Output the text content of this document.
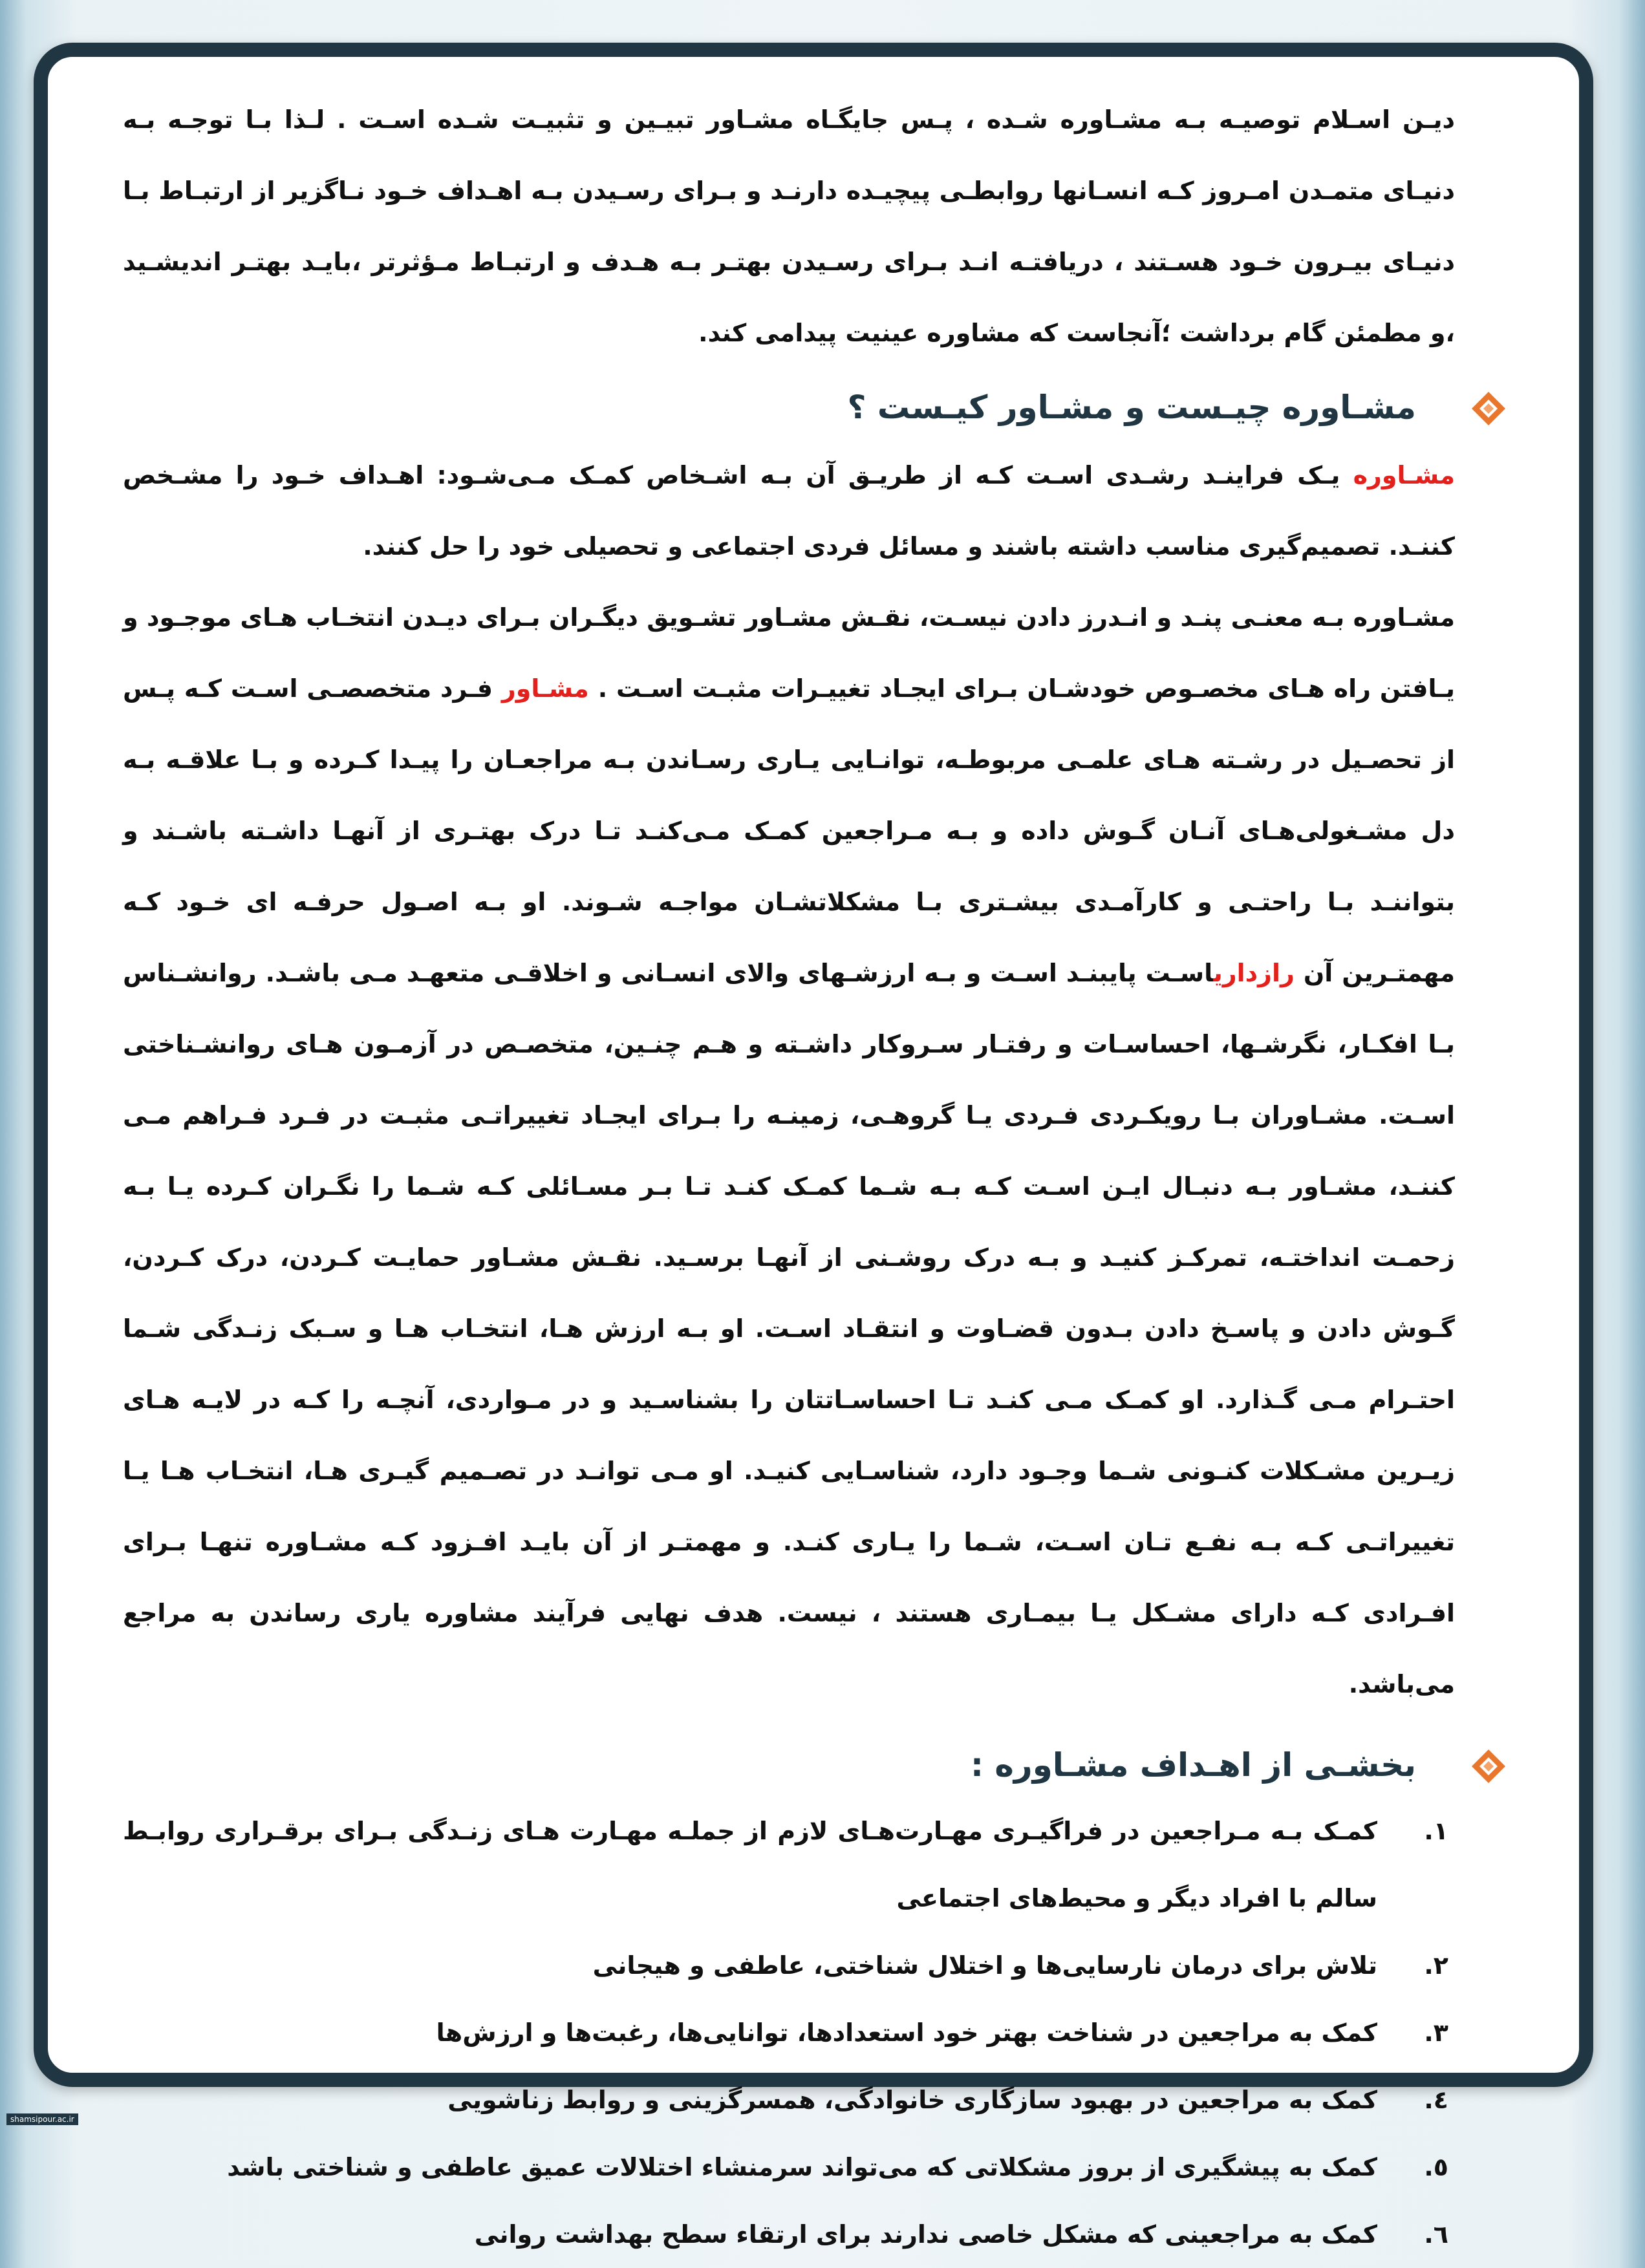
دیـن اسـلام توصیـه بـه مشـاوره شـده ، پـس جایگـاه مشـاور تبیـین و تثبیـت شـده اسـت . لـذا بـا توجـه بـه دنیـای متمـدن امـروز کـه انسـانها روابطـی پیچیـده دارنـد و بـرای رسـیدن بـه اهـداف خـود نـاگزیر از ارتبـاط بـا دنیـای بیـرون خـود هسـتند ، دریافتـه انـد بـرای رسـیدن بهتـر بـه هـدف و ارتبـاط مـؤثرتر ،بایـد بهتـر اندیشـید ،و مطمئن گام برداشت ؛آنجاست که مشاوره عینیت پیدامی کند.

مشـاوره چیـست و مشـاور کیـست ؟

مشـاوره یـک فراینـد رشـدی اسـت کـه از طریـق آن بـه اشـخاص کمـک مـی‌شـود: اهـداف خـود را مشـخص کننـد. تصمیم‌گیری مناسب داشته باشند و مسائل فردی اجتماعی و تحصیلی خود را حل کنند.

مشـاوره بـه معنـی پنـد و انـدرز دادن نیسـت، نقـش مشـاور تشـویق دیگـران بـرای دیـدن انتخـاب هـای موجـود و یـافتن راه هـای مخصـوص خودشـان بـرای ایجـاد تغییـرات مثبـت اسـت . مشـاور فـرد متخصصـی اسـت کـه پـس از تحصـیل در رشـته هـای علمـی مربوطـه، توانـایی یـاری رسـاندن بـه مراجعـان را پیـدا کـرده و بـا علاقـه بـه دل مشـغولی‌هـای آنـان گـوش داده و بـه مـراجعین کمـک مـی‌کنـد تـا درک بهتـری از آنهـا داشـته باشـند و بتواننـد بـا راحتـی و کارآمـدی بیشـتری بـا مشکلاتشـان مواجـه شـوند. او بـه اصـول حرفـه ای خـود کـه مهمتـرین آن رازداریاسـت پایبنـد اسـت و بـه ارزشـهای والای انسـانی و اخلاقـی متعهـد مـی باشـد. روانشـناس بـا افکـار، نگرشـها، احساسـات و رفتـار سـروکار داشـته و هـم چنـین، متخصـص در آزمـون هـای روانشـناختی اسـت. مشـاوران بـا رویکـردی فـردی یـا گروهـی، زمینـه را بـرای ایجـاد تغییراتـی مثبـت در فـرد فـراهم مـی کننـد، مشـاور بـه دنبـال ایـن اسـت کـه بـه شـما کمـک کنـد تـا بـر مسـائلی کـه شـما را نگـران کـرده یـا بـه زحمـت انداختـه، تمرکـز کنیـد و بـه درک روشـنی از آنهـا برسـید. نقـش مشـاور حمایـت کـردن، درک کـردن، گـوش دادن و پاسـخ دادن بـدون قضـاوت و انتقـاد اسـت. او بـه ارزش هـا، انتخـاب هـا و سـبک زنـدگی شـما احتـرام مـی گـذارد. او کمـک مـی کنـد تـا احساسـاتتان را بشناسـید و در مـواردی، آنچـه را کـه در لایـه هـای زیـرین مشـکلات کنـونی شـما وجـود دارد، شناسـایی کنیـد. او مـی توانـد در تصـمیم گیـری هـا، انتخـاب هـا یـا تغییراتـی کـه بـه نفـع تـان اسـت، شـما را یـاری کنـد. و مهمتـر از آن بایـد افـزود کـه مشـاوره تنهـا بـرای افـرادی کـه دارای مشـکل یـا بیمـاری هستند ، نیست. هدف نهایی فرآیند مشاوره یاری رساندن به مراجع می‌باشد.

بخشـی از اهـداف مشـاوره :
١.
کمـک بـه مـراجعین در فراگیـری مهـارت‌هـای لازم از جملـه مهـارت هـای زنـدگی بـرای برقـراری روابـط سالم با افراد دیگر و محیط‌های اجتماعی
٢.
تلاش برای درمان نارسایی‌ها و اختلال شناختی، عاطفی و هیجانی
٣.
کمک به مراجعین در شناخت بهتر خود استعدادها، توانایی‌ها، رغبت‌ها و ارزش‌ها
٤.
کمک به مراجعین در بهبود سازگاری خانوادگی، همسرگزینی و روابط زناشویی
٥.
کمک به پیشگیری از بروز مشکلاتی که می‌تواند سرمنشاء اختلالات عمیق عاطفی و شناختی باشد
٦.
کمک به مراجعینی که مشکل خاصی ندارند برای ارتقاء سطح بهداشت روانی
shamsipour.ac.ir
